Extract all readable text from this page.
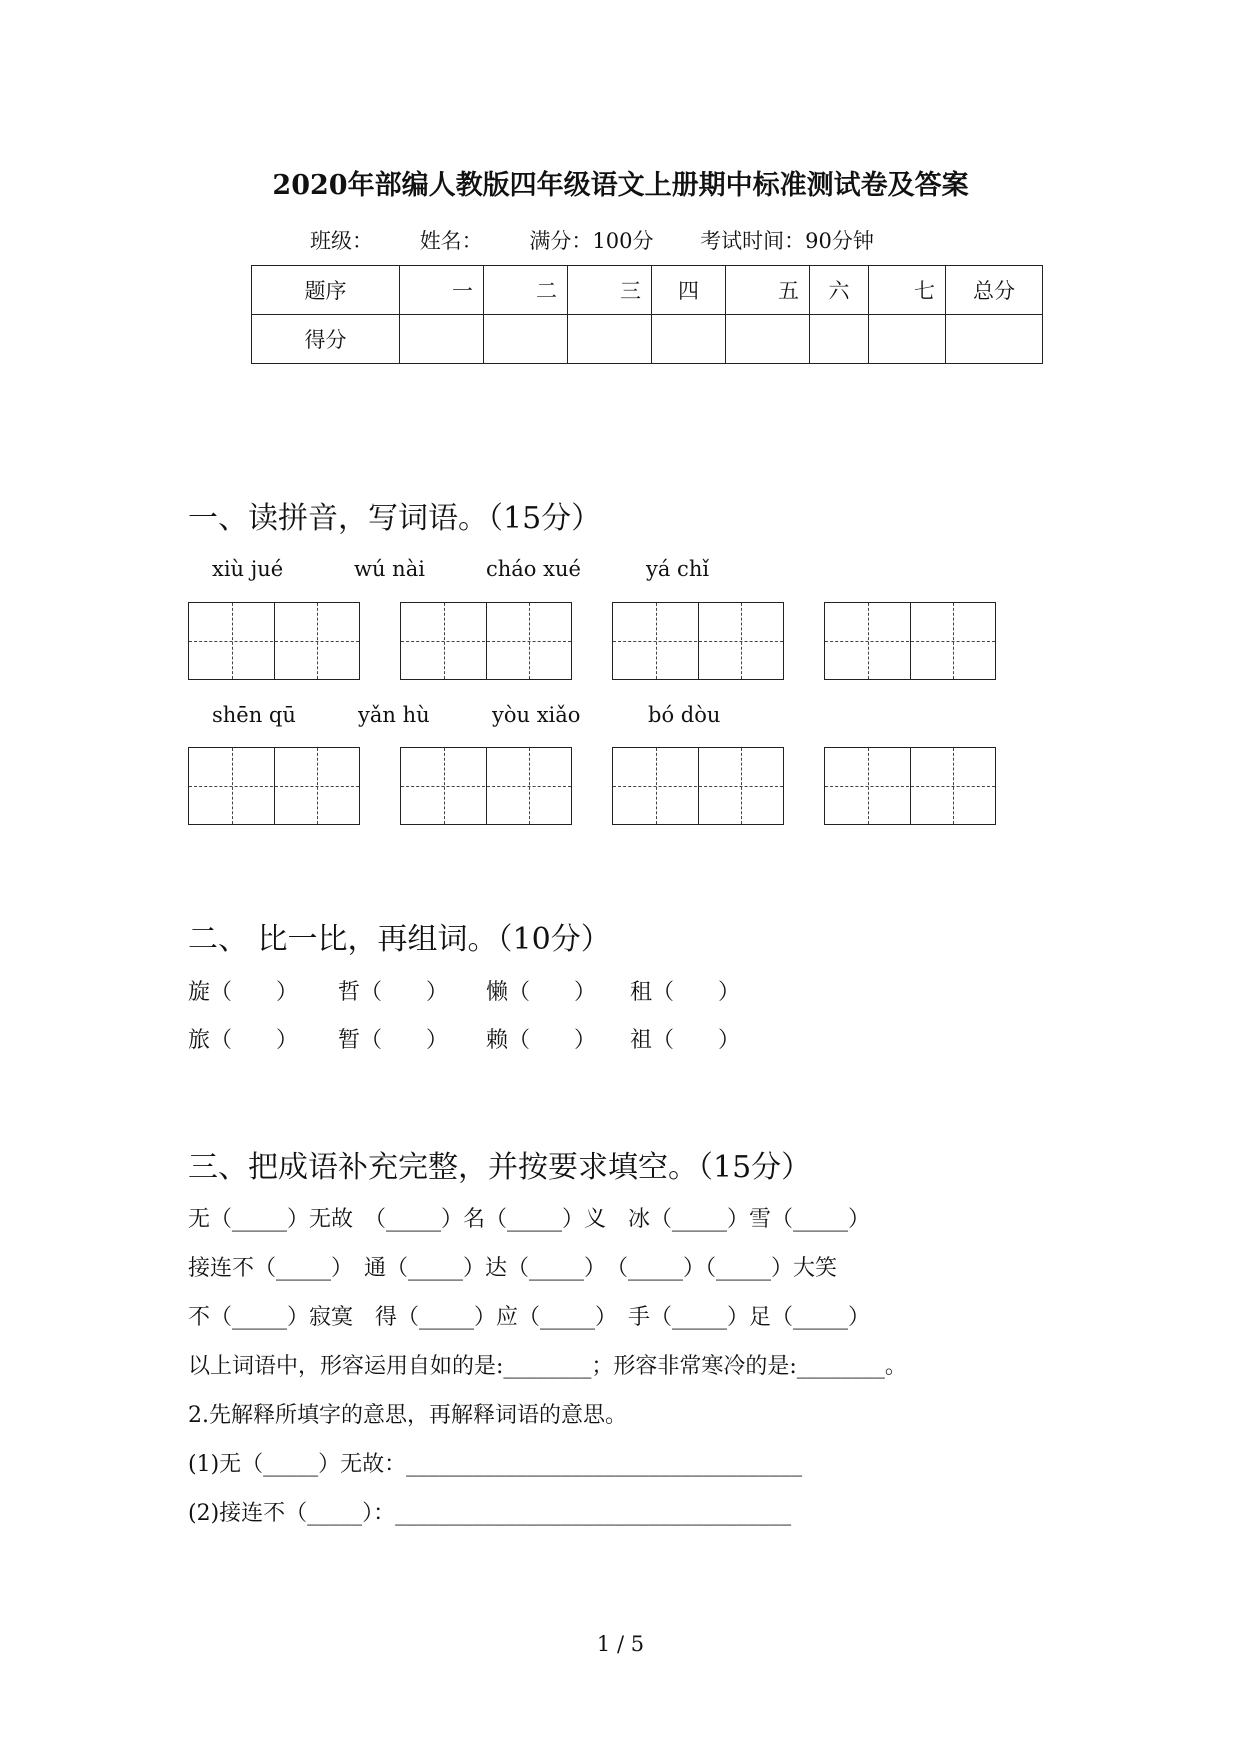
2020年部编人教版四年级语文上册期中标准测试卷及答案
班级： 姓名： 满分：100分 考试时间：90分钟
题序	一	二	三	四	五	六	七	总分
得分								
一、读拼音，写词语。（15分）
xiù jué	wú nài	cháo xué	yá chǐ
shēn qū	yǎn hù	yòu xiǎo	bó dòu
二、 比一比，再组词。（10分）
旋（　　） 哲（　　） 懒（　　） 租（　　）
旅（　　） 暂（　　） 赖（　　） 祖（　　）
三、把成语补充完整，并按要求填空。（15分）
无（_____）无故　（_____）名（_____）义　冰（_____）雪（_____）
接连不（_____）　通（_____）达（_____）　（_____）（_____）大笑
不（_____）寂寞　得（_____）应（_____）　手（_____）足（_____）
以上词语中，形容运用自如的是:________；形容非常寒冷的是:________。
2.先解释所填字的意思，再解释词语的意思。
(1)无（_____）无故：____________________________________
(2)接连不（_____）：____________________________________
1 / 5
